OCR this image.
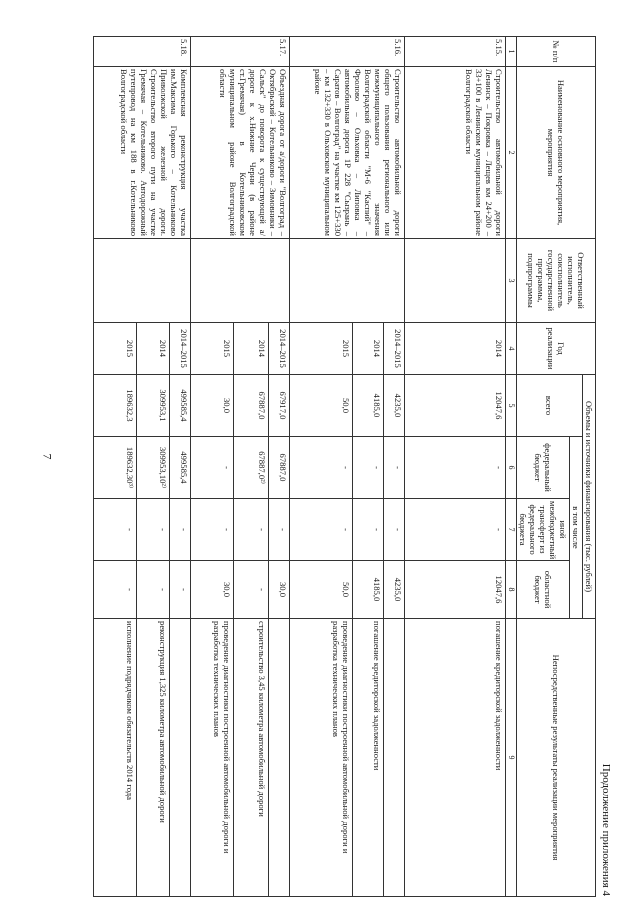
7
Продолжение приложения 4
№ п/п	Наименование основного мероприятия, мероприятия	Ответственный исполнитель, соисполнитель государственной программы, подпрограммы	Год реализации	Объемы и источники финансирования (тыс. рублей)				Непосредственные результаты реализации мероприятия
				всего	в том числе			
					федеральный бюджет	иной межбюджетный трансферт из федерального бюджета	областной бюджет	
1	2	3	4	5	6	7	8	9
5.15.	Строительство автомобильной дороги Ленинск – Покровка – Лещев км 24+200 – 33+100 в Ленинском муниципальном районе Волгоградской области		2014	12047,6	-	-	12047,6	погашение кредиторской задолженности
5.16.	Строительство автомобильной дороги общего пользования регионального или межмуниципального значения Волгоградской области "М-6 "Каспий" – Фролово – Ольховка – Липовка – автомобильная дорога 1Р 228 "Сызрань – Саратов – Волгоград" на участке км 125+330 – км 132+330 в Ольховском муниципальном районе		2014–2015	4235,0	-	-	4235,0	
			2014	4185,0	-	-	4185,0	погашение кредиторской задолженности
			2015	50,0	-	-	50,0	проведение диагностики построенной автомобильной дороги и разработка технических планов
5.17.	Объездная дорога от а/дороги "Волгоград – Октябрьский – Котельниково – Зимовники – Сальск" до поворота к существующей а/дороге к х.Нижние Черни (в районе ст.Гремячая) в Котельниковском муниципальном районе Волгоградской области		2014–2015	67917,0	67887,0	-	30,0	
			2014	67887,0	67887,0²⁾	-	-	строительство 3,45 километра автомобильной дороги
			2015	30,0	-	-	30,0	проведение диагностики построенной автомобильной дороги и разработка технических планов
5.18.	Комплексная реконструкция участка им.Максима Горького – Котельниково Приволжской железной дороги. Строительство второго пути на участке Гремячая – Котельниково. Автодорожный путепровод на км 188 в г.Котельниково Волгоградской области		2014–2015	499585,4	499585,4	-	-	
			2014	309953,1	309953,10²⁾	-	-	реконструкция 1,325 километра автомобильной дороги
			2015	189632,3	189632,30³⁾	-	-	исполнение подрядчиком обязательств 2014 года
